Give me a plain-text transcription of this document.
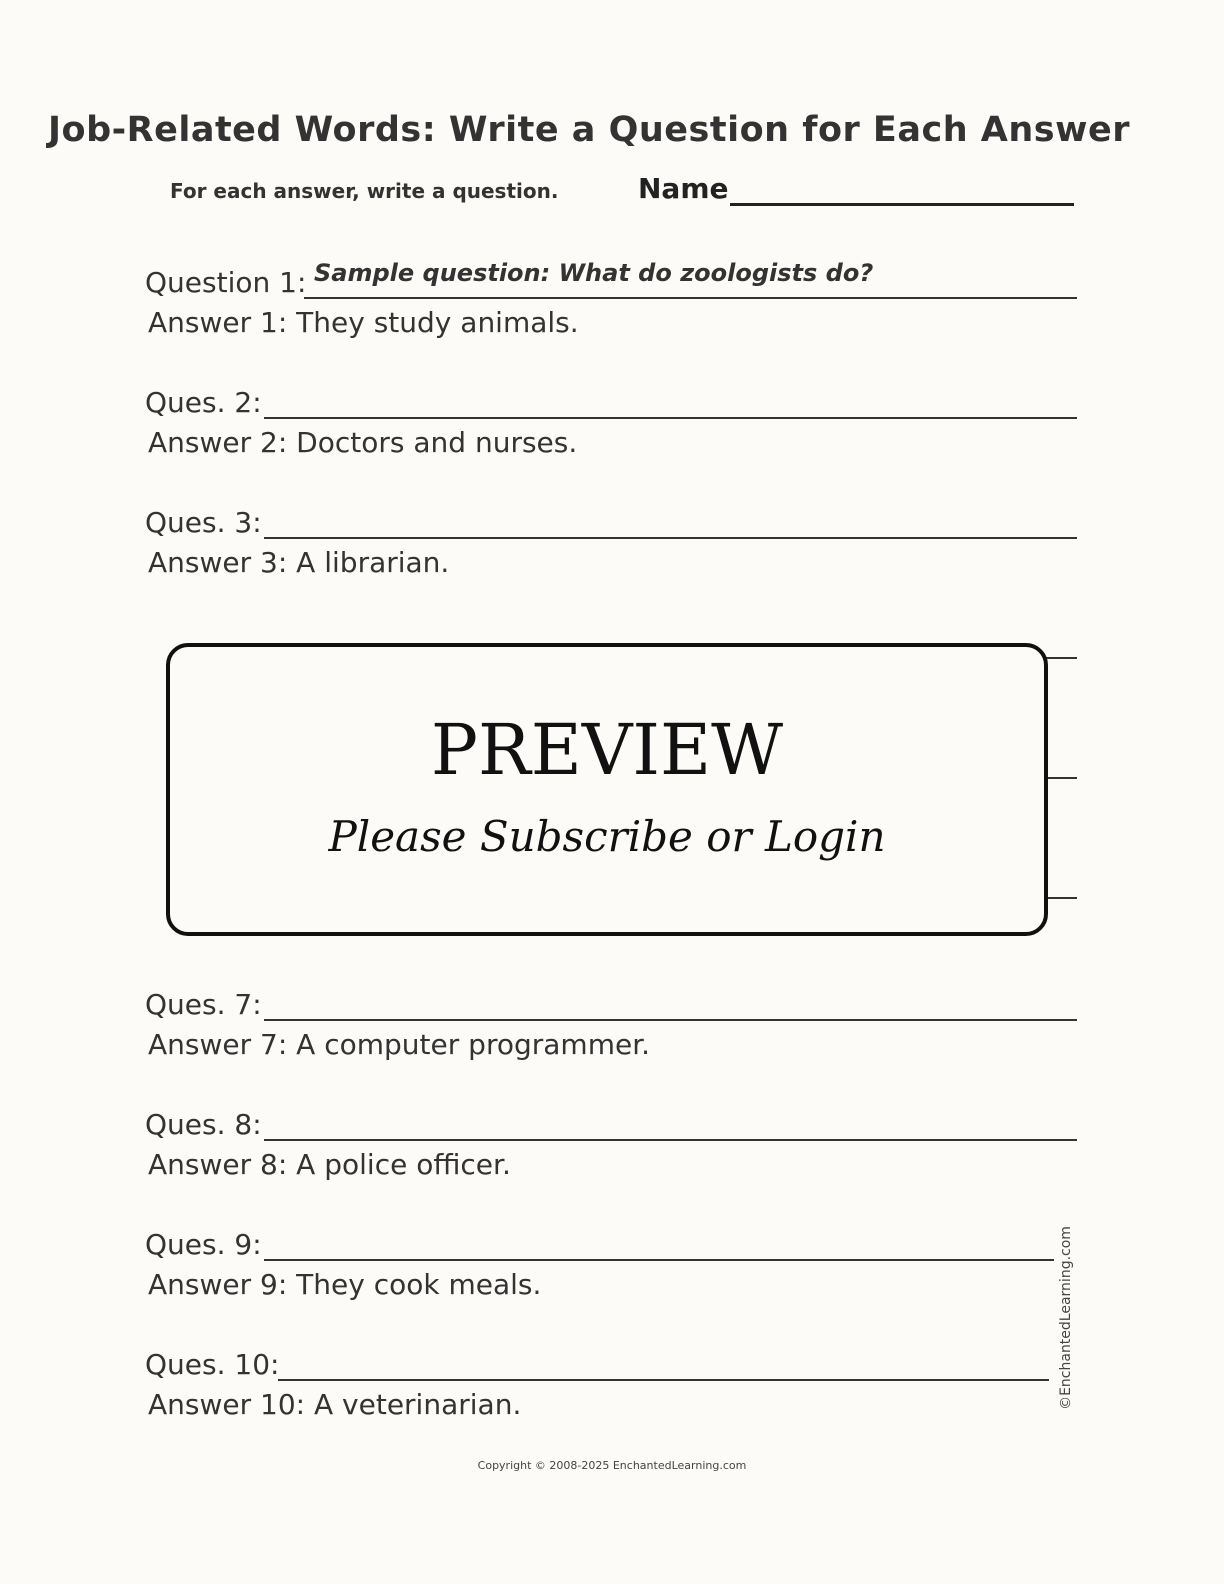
Job-Related Words: Write a Question for Each Answer
For each answer, write a question.	Name
Question 1: Sample question: What do zoologists do?
Answer 1: They study animals.
Ques. 2:
Answer 2: Doctors and nurses.
Ques. 3:
Answer 3: A librarian.
Ques. 7:
Answer 7: A computer programmer.
Ques. 8:
Answer 8: A police officer.
Ques. 9:
Answer 9: They cook meals.
Ques. 10:
Answer 10: A veterinarian.
PREVIEW
Please Subscribe or Login
©EnchantedLearning.com
Copyright © 2008-2025 EnchantedLearning.com
